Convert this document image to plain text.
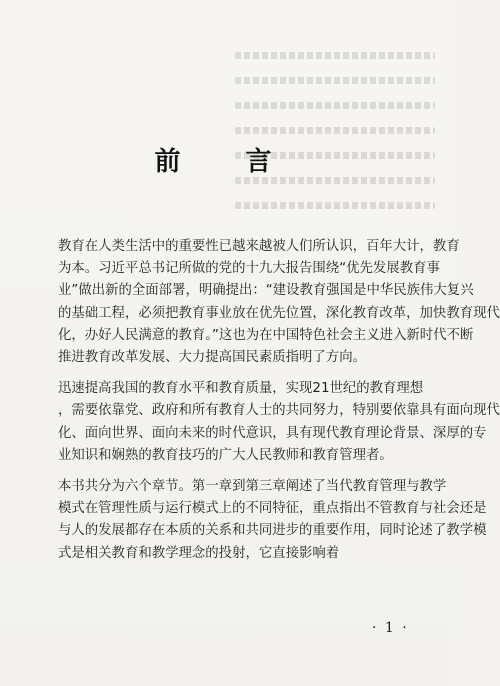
前 言

教育在人类生活中的重要性已越来越被人们所认识，百年大计，教育
为本。习近平总书记所做的党的十九大报告围绕“优先发展教育事
业”做出新的全面部署，明确提出：“建设教育强国是中华民族伟大复兴
的基础工程，必须把教育事业放在优先位置，深化教育改革，加快教育现代
化，办好人民满意的教育。”这也为在中国特色社会主义进入新时代不断
推进教育改革发展、大力提高国民素质指明了方向。

迅速提高我国的教育水平和教育质量，实现21世纪的教育理想
，需要依靠党、政府和所有教育人士的共同努力，特别要依靠具有面向现代
化、面向世界、面向未来的时代意识，具有现代教育理论背景、深厚的专
业知识和娴熟的教育技巧的广大人民教师和教育管理者。

本书共分为六个章节。第一章到第三章阐述了当代教育管理与教学
模式在管理性质与运行模式上的不同特征，重点指出不管教育与社会还是
与人的发展都存在本质的关系和共同进步的重要作用，同时论述了教学模
式是相关教育和教学理念的投射，它直接影响着

· 1 ·
